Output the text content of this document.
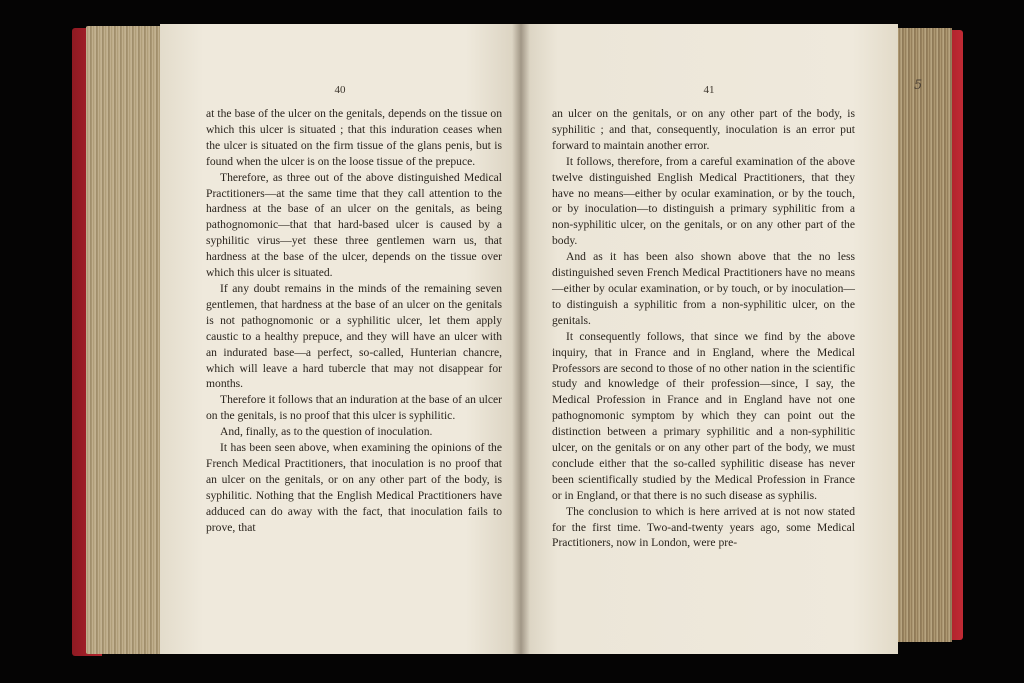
40

at the base of the ulcer on the genitals, depends on the tissue on which this ulcer is situated ; that this induration ceases when the ulcer is situated on the firm tissue of the glans penis, but is found when the ulcer is on the loose tissue of the prepuce.

Therefore, as three out of the above distinguished Medical Practitioners—at the same time that they call attention to the hardness at the base of an ulcer on the genitals, as being pathognomonic—that that hard-based ulcer is caused by a syphilitic virus—yet these three gentlemen warn us, that hardness at the base of the ulcer, depends on the tissue over which this ulcer is situated.

If any doubt remains in the minds of the remaining seven gentlemen, that hardness at the base of an ulcer on the genitals is not pathognomonic or a syphilitic ulcer, let them apply caustic to a healthy prepuce, and they will have an ulcer with an indurated base—a perfect, so-called, Hunterian chancre, which will leave a hard tubercle that may not disappear for months.

Therefore it follows that an induration at the base of an ulcer on the genitals, is no proof that this ulcer is syphilitic.

And, finally, as to the question of inoculation.

It has been seen above, when examining the opinions of the French Medical Practitioners, that inoculation is no proof that an ulcer on the genitals, or on any other part of the body, is syphilitic. Nothing that the English Medical Practitioners have adduced can do away with the fact, that inoculation fails to prove, that

41

an ulcer on the genitals, or on any other part of the body, is syphilitic ; and that, consequently, inoculation is an error put forward to maintain another error.

It follows, therefore, from a careful examination of the above twelve distinguished English Medical Practitioners, that they have no means—either by ocular examination, or by the touch, or by inoculation—to distinguish a primary syphilitic from a non-syphilitic ulcer, on the genitals, or on any other part of the body.

And as it has been also shown above that the no less distinguished seven French Medical Practitioners have no means—either by ocular examination, or by touch, or by inoculation—to distinguish a syphilitic from a non-syphilitic ulcer, on the genitals.

It consequently follows, that since we find by the above inquiry, that in France and in England, where the Medical Professors are second to those of no other nation in the scientific study and knowledge of their profession—since, I say, the Medical Profession in France and in England have not one pathognomonic symptom by which they can point out the distinction between a primary syphilitic and a non-syphilitic ulcer, on the genitals or on any other part of the body, we must conclude either that the so-called syphilitic disease has never been scientifically studied by the Medical Profession in France or in England, or that there is no such disease as syphilis.

The conclusion to which is here arrived at is not now stated for the first time. Two-and-twenty years ago, some Medical Practitioners, now in London, were pre-

5
